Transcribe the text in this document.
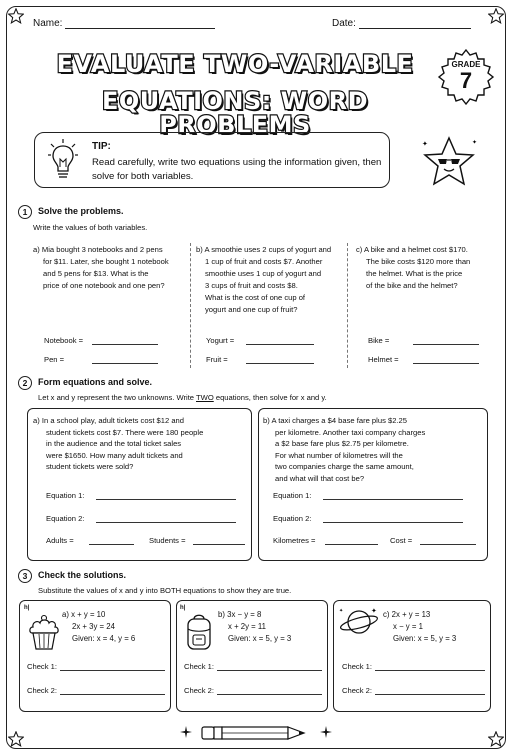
Name:	Date:
EVALUATE TWO-VARIABLE
EQUATIONS: WORD PROBLEMS
GRADE
7
TIP:
Read carefully, write two equations using the information given, then solve for both variables.
✦	✦
1	Solve the problems.
Write the values of both variables.
a) Mia bought 3 notebooks and 2 pens
for $11. Later, she bought 1 notebook
and 5 pens for $13. What is the
price of one notebook and one pen?
Notebook =
Pen =
b) A smoothie uses 2 cups of yogurt and
1 cup of fruit and costs $7. Another
smoothie uses 1 cup of yogurt and
3 cups of fruit and costs $8.
What is the cost of one cup of
yogurt and one cup of fruit?
Yogurt =
Fruit =
c) A bike and a helmet cost $170.
The bike costs $120 more than
the helmet. What is the price
of the bike and the helmet?
Bike =
Helmet =
2	Form equations and solve.
Let x and y represent the two unknowns. Write TWO equations, then solve for x and y.
a) In a school play, adult tickets cost $12 and
student tickets cost $7. There were 180 people
in the audience and the total ticket sales
were $1650. How many adult tickets and
student tickets were sold?
Equation 1:
Equation 2:
Adults =	Students =
b) A taxi charges a $4 base fare plus $2.25
per kilometre. Another taxi company charges
a $2 base fare plus $2.75 per kilometre.
For what number of kilometres will the
two companies charge the same amount,
and what will that cost be?
Equation 1:
Equation 2:
Kilometres =	Cost =
3	Check the solutions.
Substitute the values of x and y into BOTH equations to show they are true.
h|
a) x + y = 10
2x + 3y = 24
Given: x = 4, y = 6
Check 1:
Check 2:
h|
b) 3x − y = 8
x + 2y = 11
Given: x = 5, y = 3
Check 1:
Check 2:
✦
✦	c) 2x + y = 13
x − y = 1
Given: x = 5, y = 3
Check 1:
Check 2:
